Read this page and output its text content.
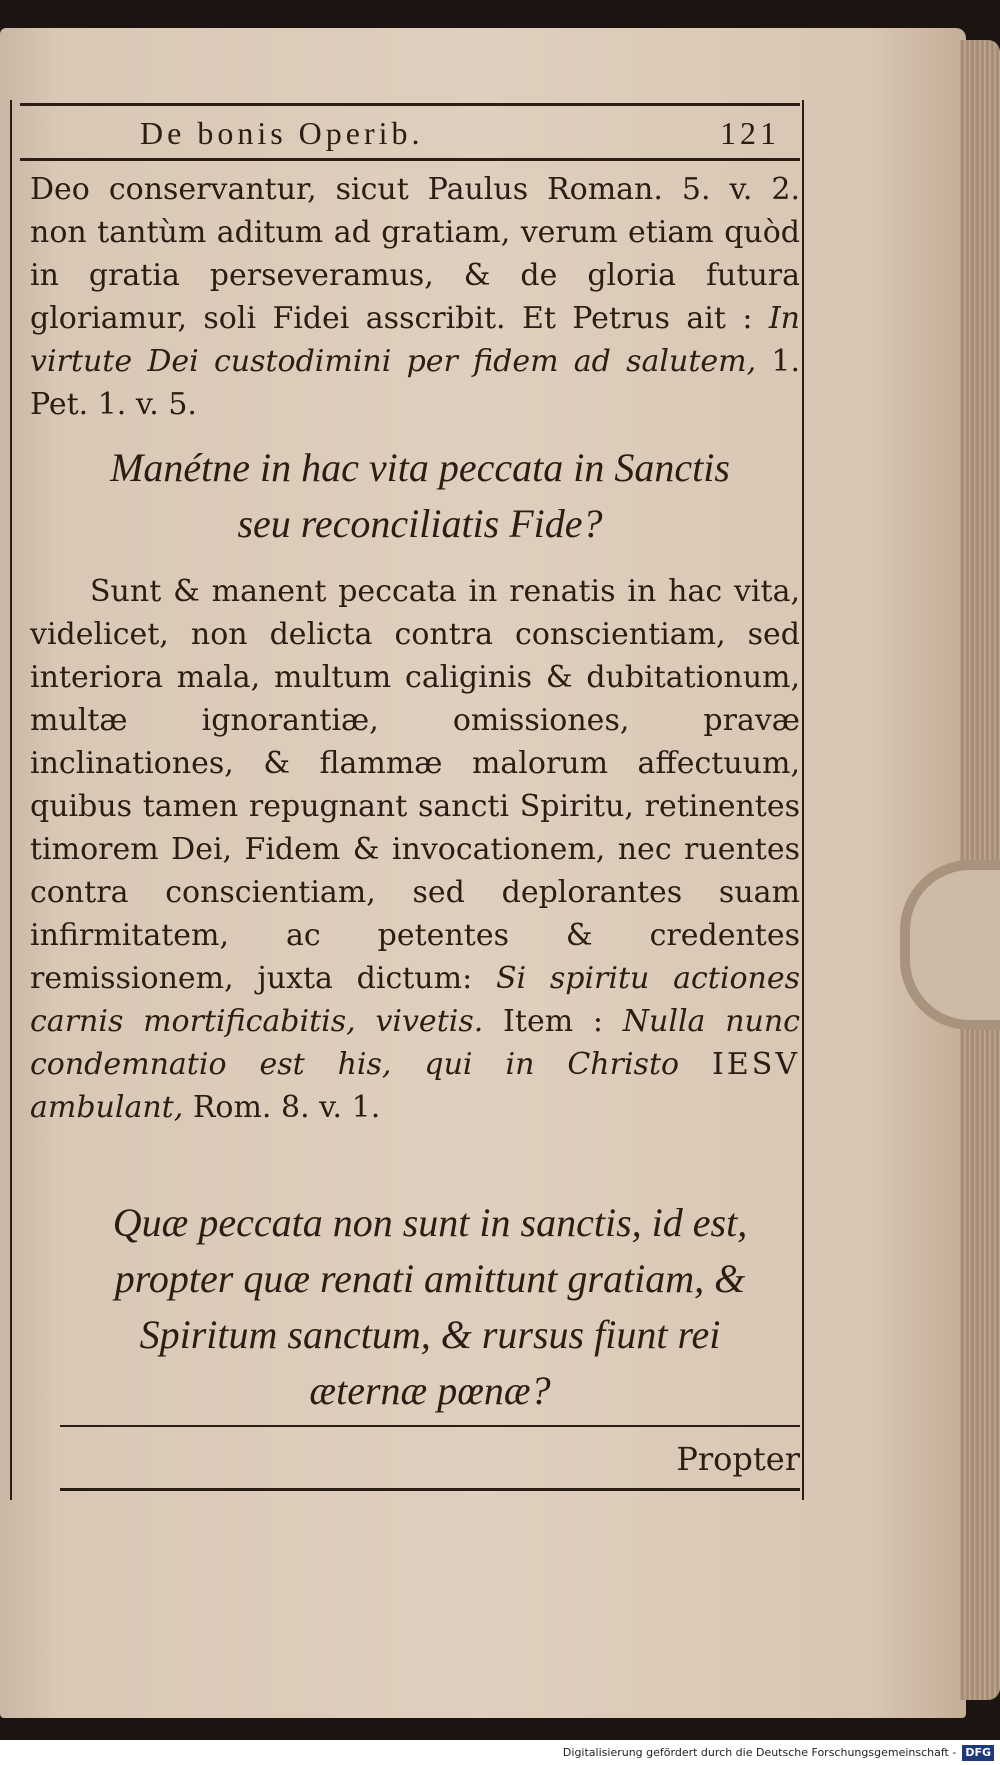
De bonis Operib.	121
Deo conservantur, sicut Paulus Roman. 5. v. 2. non tantùm aditum ad gratiam, verum etiam quòd in gratia perseveramus, & de gloria futura gloriamur, soli Fidei asscribit. Et Petrus ait : In virtute Dei custodimini per fidem ad salutem, 1. Pet. 1. v. 5.
Manétne in hac vita peccata in Sanctis seu reconciliatis Fide?
Sunt & manent peccata in renatis in hac vita, videlicet, non delicta contra conscientiam, sed interiora mala, multum caliginis & dubitationum, multæ ignorantiæ, omissiones, pravæ inclinationes, & flammæ malorum affectuum, quibus tamen repugnant sancti Spiritu, retinentes timorem Dei, Fidem & invocationem, nec ruentes contra conscientiam, sed deplorantes suam infirmitatem, ac petentes & credentes remissionem, juxta dictum: Si spiritu actiones carnis mortificabitis, vivetis. Item : Nulla nunc condemnatio est his, qui in Christo IESV ambulant, Rom. 8. v. 1.
Quæ peccata non sunt in sanctis, id est, propter quæ renati amittunt gratiam, & Spiritum sanctum, & rursus fiunt rei æternæ pœnæ?
Propter
Digitalisierung gefördert durch die Deutsche Forschungsgemeinschaft - DFG
